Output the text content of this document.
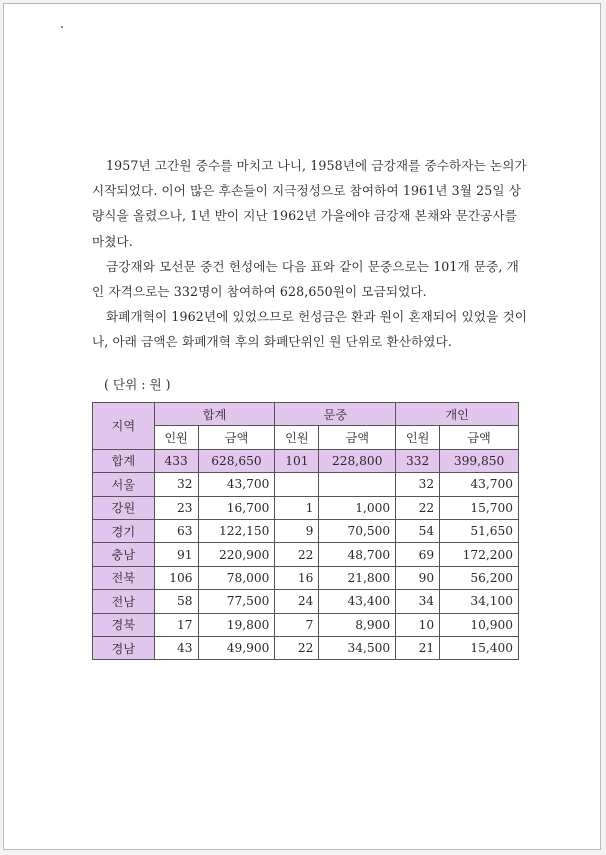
1957년 고간원 중수를 마치고 나니, 1958년에 금강재를 중수하자는 논의가
시작되었다. 이어 많은 후손들이 지극정성으로 참여하여 1961년 3월 25일 상
량식을 올렸으나, 1년 반이 지난 1962년 가을에야 금강재 본채와 문간공사를
마쳤다.

금강재와 모선문 중건 헌성에는 다음 표와 같이 문중으로는 101개 문중, 개
인 자격으로는 332명이 참여하여 628,650원이 모금되었다.

화폐개혁이 1962년에 있었으므로 헌성금은 환과 원이 혼재되어 있었을 것이
나, 아래 금액은 화폐개혁 후의 화폐단위인 원 단위로 환산하였다.

( 단위 : 원 )
지역	합계		문중		개인	
	인원	금액	인원	금액	인원	금액
합계	433	628,650	101	228,800	332	399,850
서울	32	43,700			32	43,700
강원	23	16,700	1	1,000	22	15,700
경기	63	122,150	9	70,500	54	51,650
충남	91	220,900	22	48,700	69	172,200
전북	106	78,000	16	21,800	90	56,200
전남	58	77,500	24	43,400	34	34,100
경북	17	19,800	7	8,900	10	10,900
경남	43	49,900	22	34,500	21	15,400
